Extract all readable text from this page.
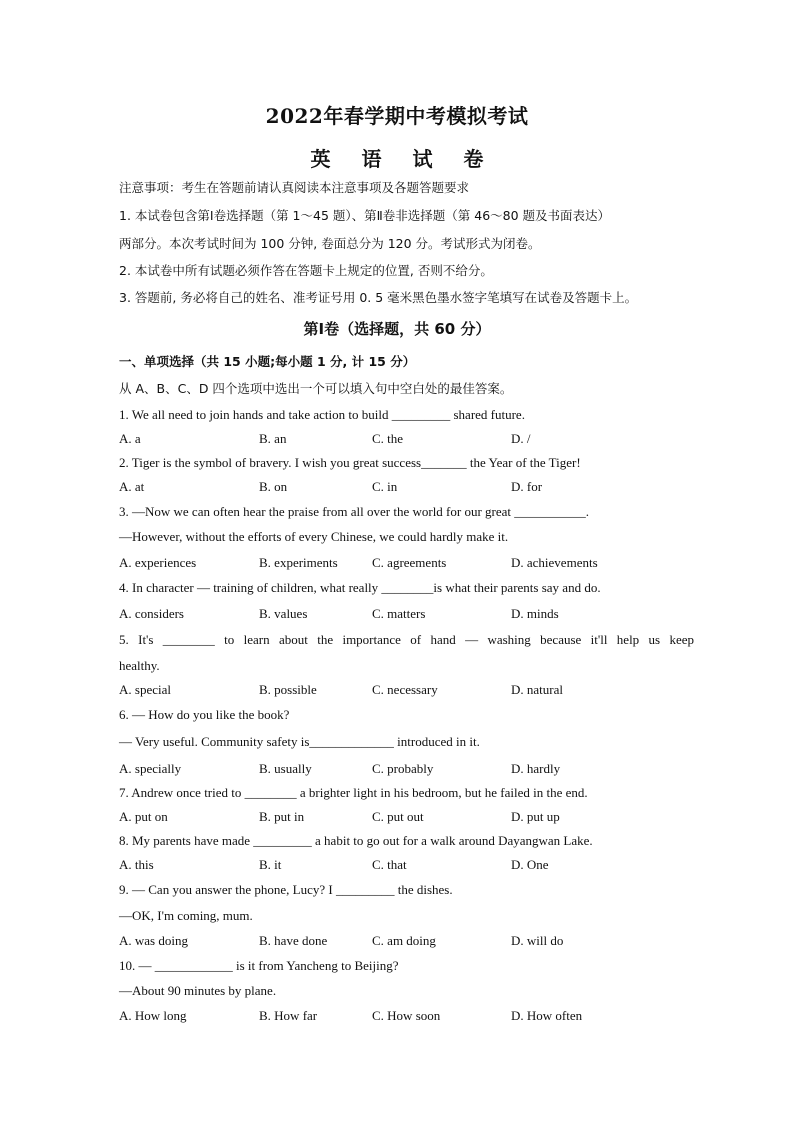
2022年春学期中考模拟考试
英 语 试 卷
注意事项：考生在答题前请认真阅读本注意事项及各题答题要求
1. 本试卷包含第Ⅰ卷选择题（第 1～45 题）、第Ⅱ卷非选择题（第 46～80 题及书面表达）
两部分。本次考试时间为 100 分钟, 卷面总分为 120 分。考试形式为闭卷。
2. 本试卷中所有试题必须作答在答题卡上规定的位置, 否则不给分。
3. 答题前, 务必将自己的姓名、准考证号用 0. 5 毫米黑色墨水签字笔填写在试卷及答题卡上。
第Ⅰ卷（选择题，共 60 分）
一、单项选择（共 15 小题;每小题 1 分, 计 15 分）
从 A、B、C、D 四个选项中选出一个可以填入句中空白处的最佳答案。
1. We all need to join hands and take action to build _________ shared future.
A. a	B. an	C. the	D. /
2. Tiger is the symbol of bravery. I wish you great success_______ the Year of the Tiger!
A. at	B. on	C. in	D. for
3. —Now we can often hear the praise from all over the world for our great ___________.
—However, without the efforts of every Chinese, we could hardly make it.
A. experiences	B. experiments	C. agreements	D. achievements
4. In character — training of children, what really ________is what their parents say and do.
A. considers	B. values	C. matters	D. minds
5. It's ________ to learn about the importance of hand — washing because it'll help us keep
healthy.
A. special	B. possible	C. necessary	D. natural
6. — How do you like the book?
— Very useful. Community safety is_____________ introduced in it.
A. specially	B. usually	C. probably	D. hardly
7. Andrew once tried to ________ a brighter light in his bedroom, but he failed in the end.
A. put on	B. put in	C. put out	D. put up
8. My parents have made _________ a habit to go out for a walk around Dayangwan Lake.
A. this	B. it	C. that	D. One
9. — Can you answer the phone, Lucy? I _________ the dishes.
—OK, I'm coming, mum.
A. was doing	B. have done	C. am doing	D. will do
10. — ____________ is it from Yancheng to Beijing?
—About 90 minutes by plane.
A. How long	B. How far	C. How soon	D. How often
